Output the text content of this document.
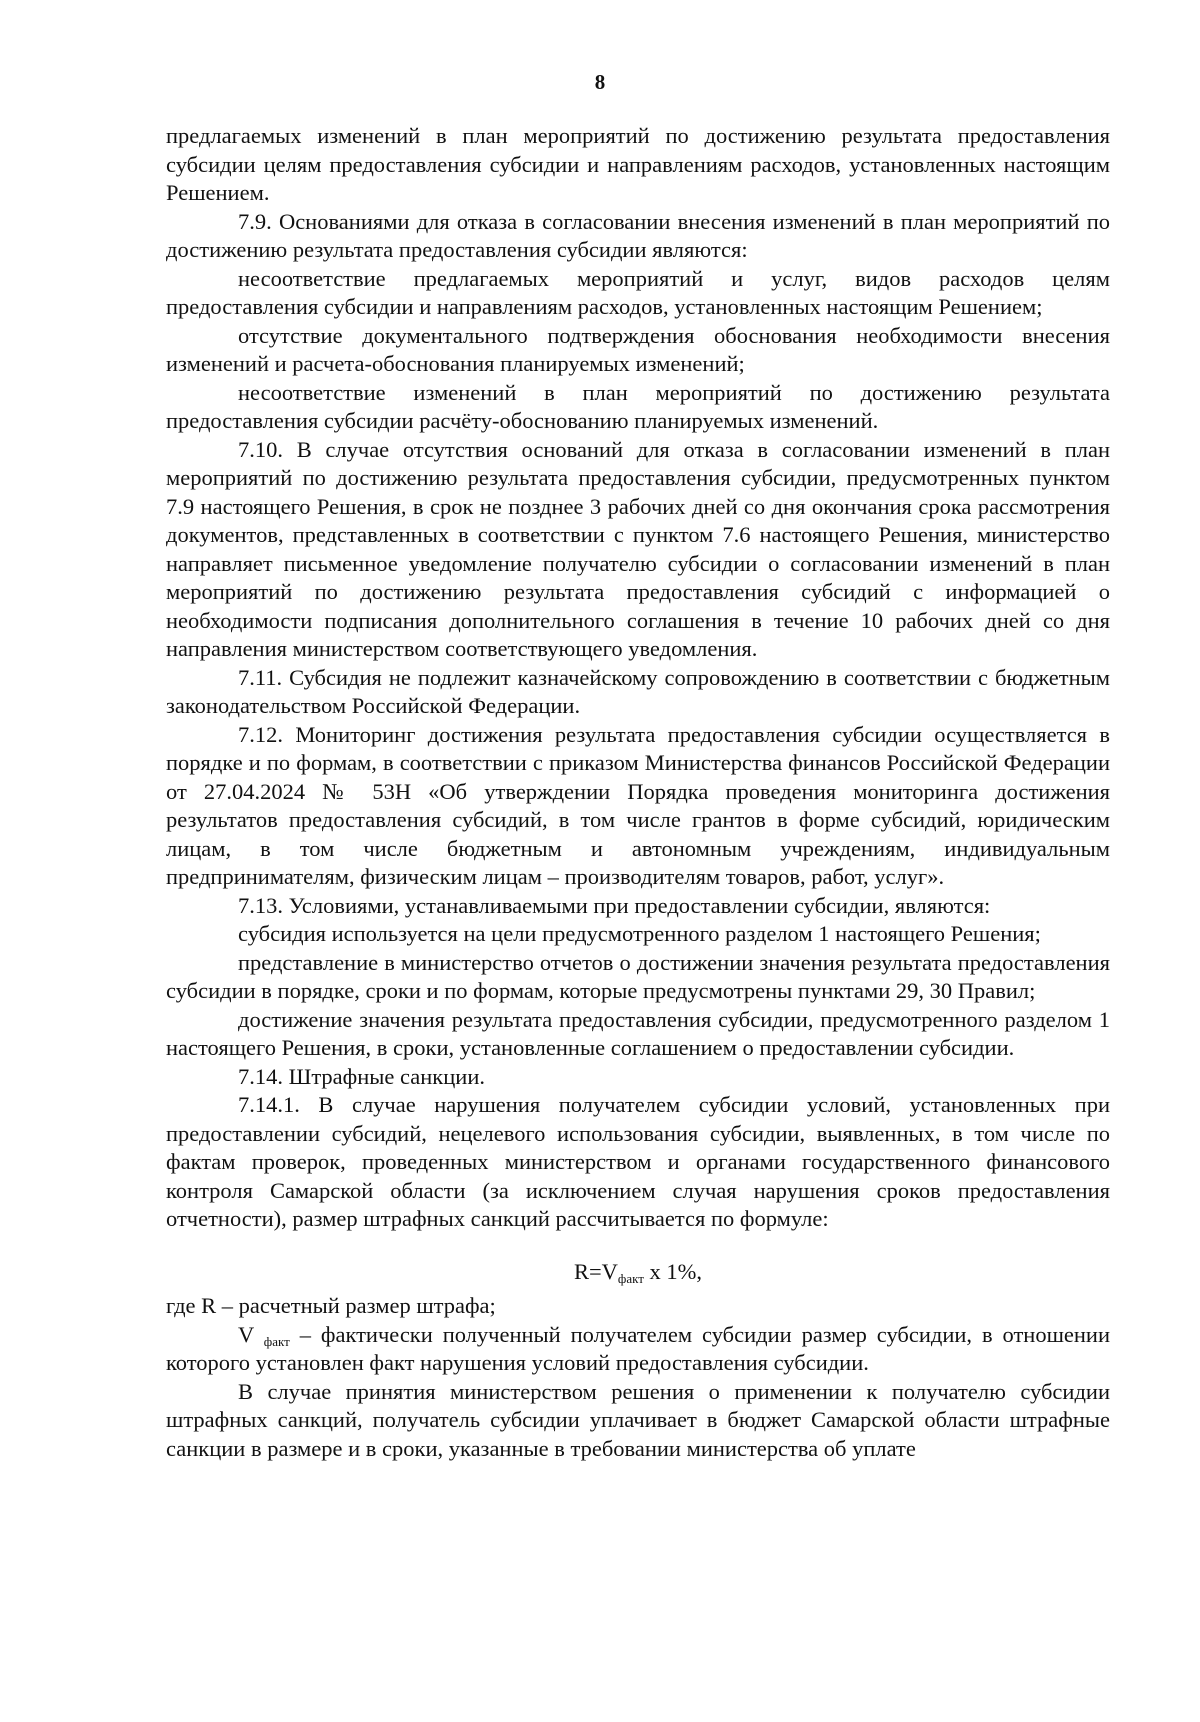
8

предлагаемых изменений в план мероприятий по достижению результата предоставления субсидии целям предоставления субсидии и направлениям расходов, установленных настоящим Решением.

7.9. Основаниями для отказа в согласовании внесения изменений в план мероприятий по достижению результата предоставления субсидии являются:

несоответствие предлагаемых мероприятий и услуг, видов расходов целям предоставления субсидии и направлениям расходов, установленных настоящим Решением;

отсутствие документального подтверждения обоснования необходимости внесения изменений и расчета-обоснования планируемых изменений;

несоответствие изменений в план мероприятий по достижению результата предоставления субсидии расчёту-обоснованию планируемых изменений.

7.10. В случае отсутствия оснований для отказа в согласовании изменений в план мероприятий по достижению результата предоставления субсидии, предусмотренных пунктом 7.9 настоящего Решения, в срок не позднее 3 рабочих дней со дня окончания срока рассмотрения документов, представленных в соответствии с пунктом 7.6 настоящего Решения, министерство направляет письменное уведомление получателю субсидии о согласовании изменений в план мероприятий по достижению результата предоставления субсидий с информацией о необходимости подписания дополнительного соглашения в течение 10 рабочих дней со дня направления министерством соответствующего уведомления.

7.11. Субсидия не подлежит казначейскому сопровождению в соответствии с бюджетным законодательством Российской Федерации.

7.12. Мониторинг достижения результата предоставления субсидии осуществляется в порядке и по формам, в соответствии с приказом Министерства финансов Российской Федерации от 27.04.2024 № 53Н «Об утверждении Порядка проведения мониторинга достижения результатов предоставления субсидий, в том числе грантов в форме субсидий, юридическим лицам, в том числе бюджетным и автономным учреждениям, индивидуальным предпринимателям, физическим лицам – производителям товаров, работ, услуг».

7.13. Условиями, устанавливаемыми при предоставлении субсидии, являются:

субсидия используется на цели предусмотренного разделом 1 настоящего Решения;

представление в министерство отчетов о достижении значения результата предоставления субсидии в порядке, сроки и по формам, которые предусмотрены пунктами 29, 30 Правил;

достижение значения результата предоставления субсидии, предусмотренного разделом 1 настоящего Решения, в сроки, установленные соглашением о предоставлении субсидии.

7.14. Штрафные санкции.

7.14.1. В случае нарушения получателем субсидии условий, установленных при предоставлении субсидий, нецелевого использования субсидии, выявленных, в том числе по фактам проверок, проведенных министерством и органами государственного финансового контроля Самарской области (за исключением случая нарушения сроков предоставления отчетности), размер штрафных санкций рассчитывается по формуле:

$R=V_{факт}$ x 1%,

где R – расчетный размер штрафа;

V $_{факт}$ – фактически полученный получателем субсидии размер субсидии, в отношении которого установлен факт нарушения условий предоставления субсидии.

В случае принятия министерством решения о применении к получателю субсидии штрафных санкций, получатель субсидии уплачивает в бюджет Самарской области штрафные санкции в размере и в сроки, указанные в требовании министерства об уплате
